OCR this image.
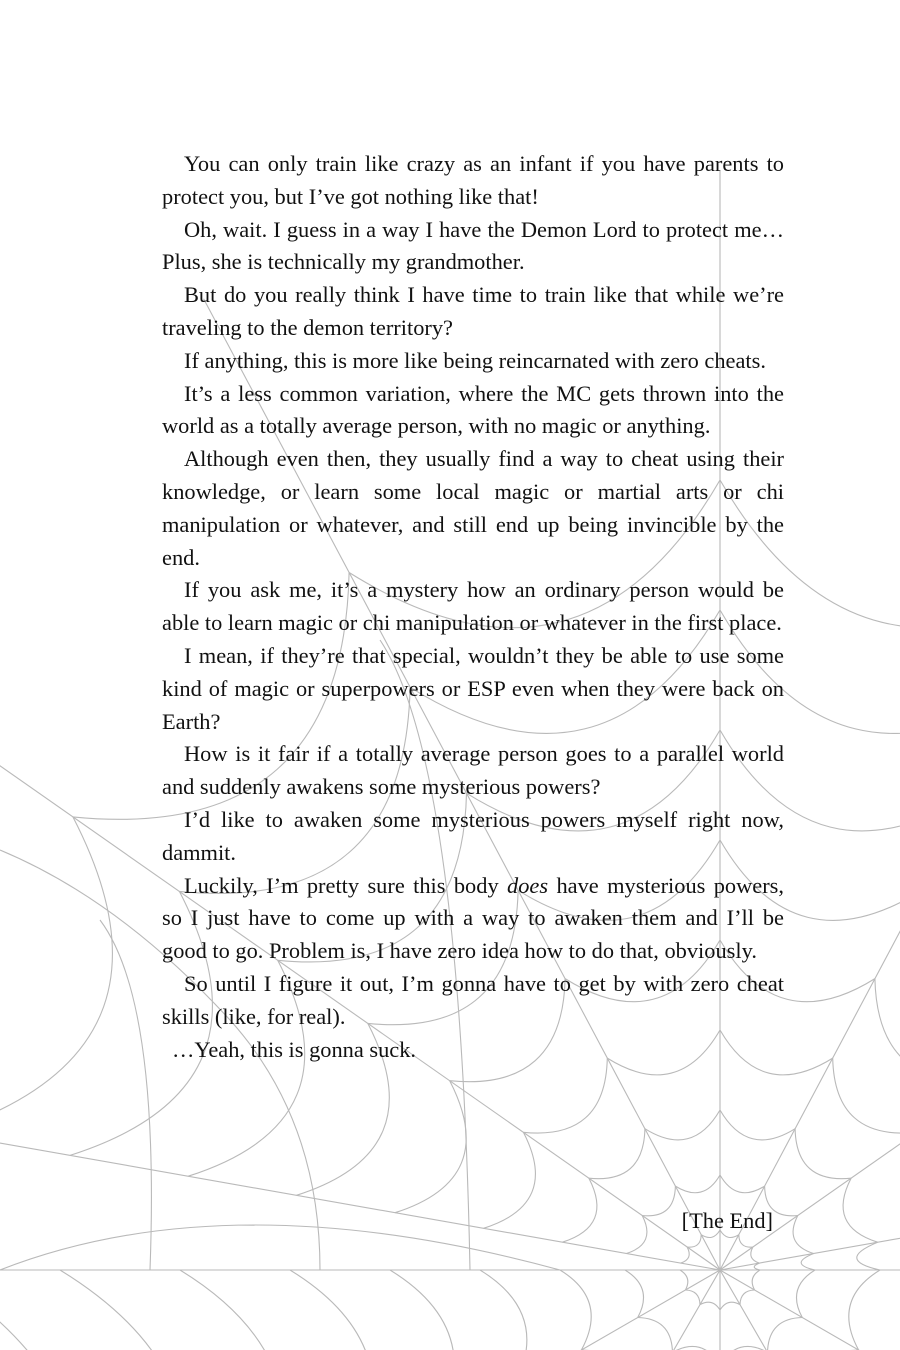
You can only train like crazy as an infant if you have parents to protect you, but I’ve got nothing like that!

Oh, wait. I guess in a way I have the Demon Lord to protect me… Plus, she is technically my grandmother.

But do you really think I have time to train like that while we’re traveling to the demon territory?

If anything, this is more like being reincarnated with zero cheats.

It’s a less common variation, where the MC gets thrown into the world as a totally average person, with no magic or anything.

Although even then, they usually find a way to cheat using their knowledge, or learn some local magic or martial arts or chi manipulation or whatever, and still end up being invincible by the end.

If you ask me, it’s a mystery how an ordinary person would be able to learn magic or chi manipulation or whatever in the first place.

I mean, if they’re that special, wouldn’t they be able to use some kind of magic or superpowers or ESP even when they were back on Earth?

How is it fair if a totally average person goes to a parallel world and suddenly awakens some mysterious powers?

I’d like to awaken some mysterious powers myself right now, dammit.

Luckily, I’m pretty sure this body does have mysterious powers, so I just have to come up with a way to awaken them and I’ll be good to go. Problem is, I have zero idea how to do that, obviously.

So until I figure it out, I’m gonna have to get by with zero cheat skills (like, for real).

…Yeah, this is gonna suck.

[The End]
